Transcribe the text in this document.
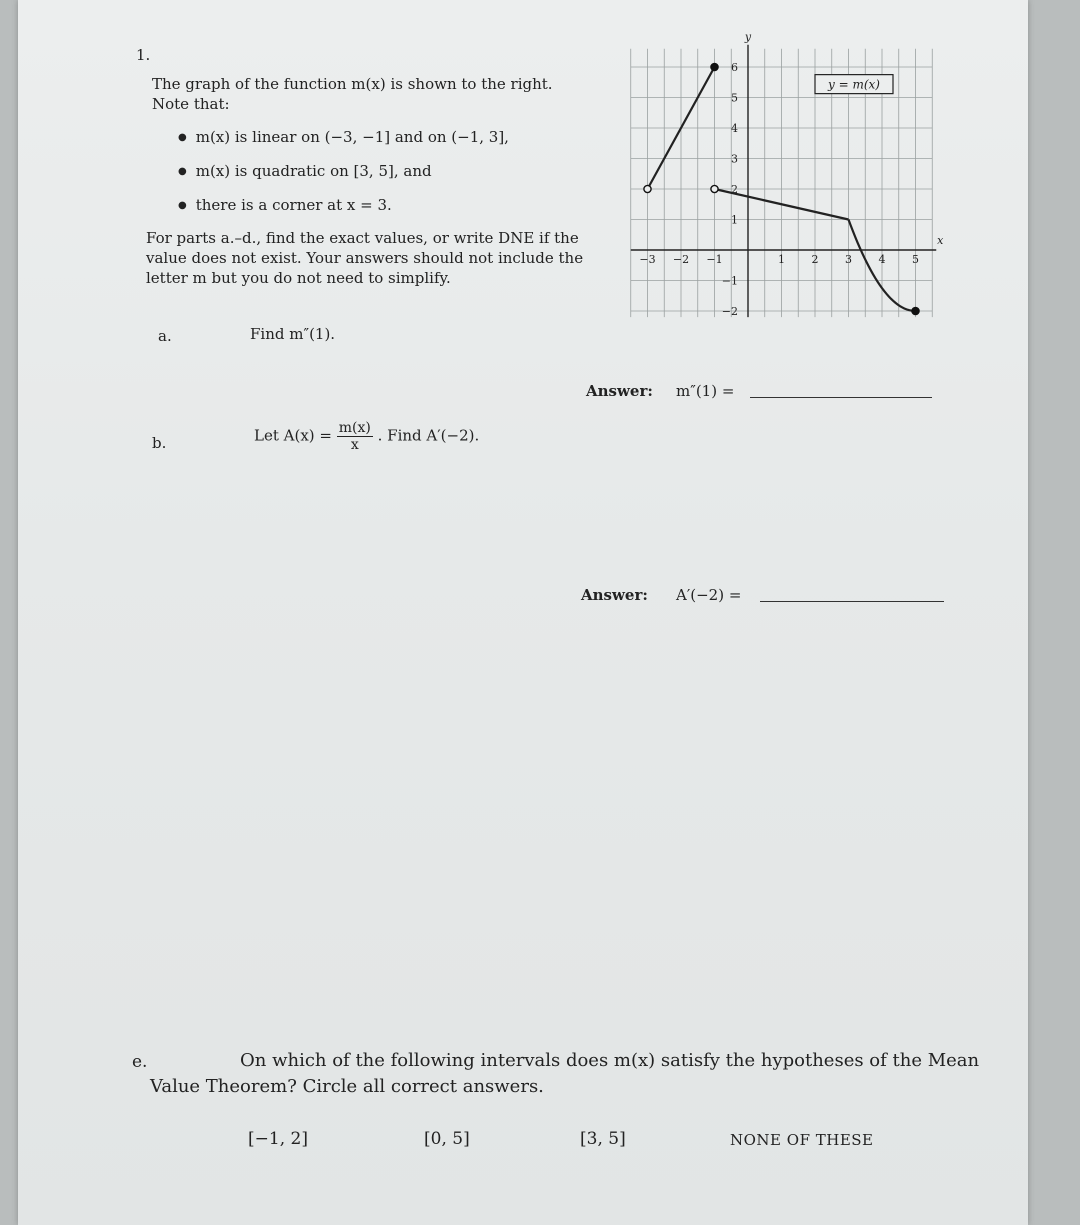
1.
The graph of the function m(x) is shown to the right.
Note that:
● m(x) is linear on (−3, −1] and on (−1, 3],
● m(x) is quadratic on [3, 5], and
● there is a corner at x = 3.
For parts a.–d., find the exact values, or write DNE if the
value does not exist. Your answers should not include the
letter m but you do not need to simplify.
−3 −2 −1	1 2 3 4 5
6
5
4
3
2
1
−1
−2
y
x
y = m(x)
a.	Find m″(1).
Answer: m″(1) =
b.	Let $A(x) = \frac{m(x)}{x}$ . Find A′(−2).
Answer: A′(−2) =
e.	On which of the following intervals does m(x) satisfy the hypotheses of the Mean
Value Theorem? Circle all correct answers.
[−1, 2]	[0, 5]	[3, 5]	NONE OF THESE
